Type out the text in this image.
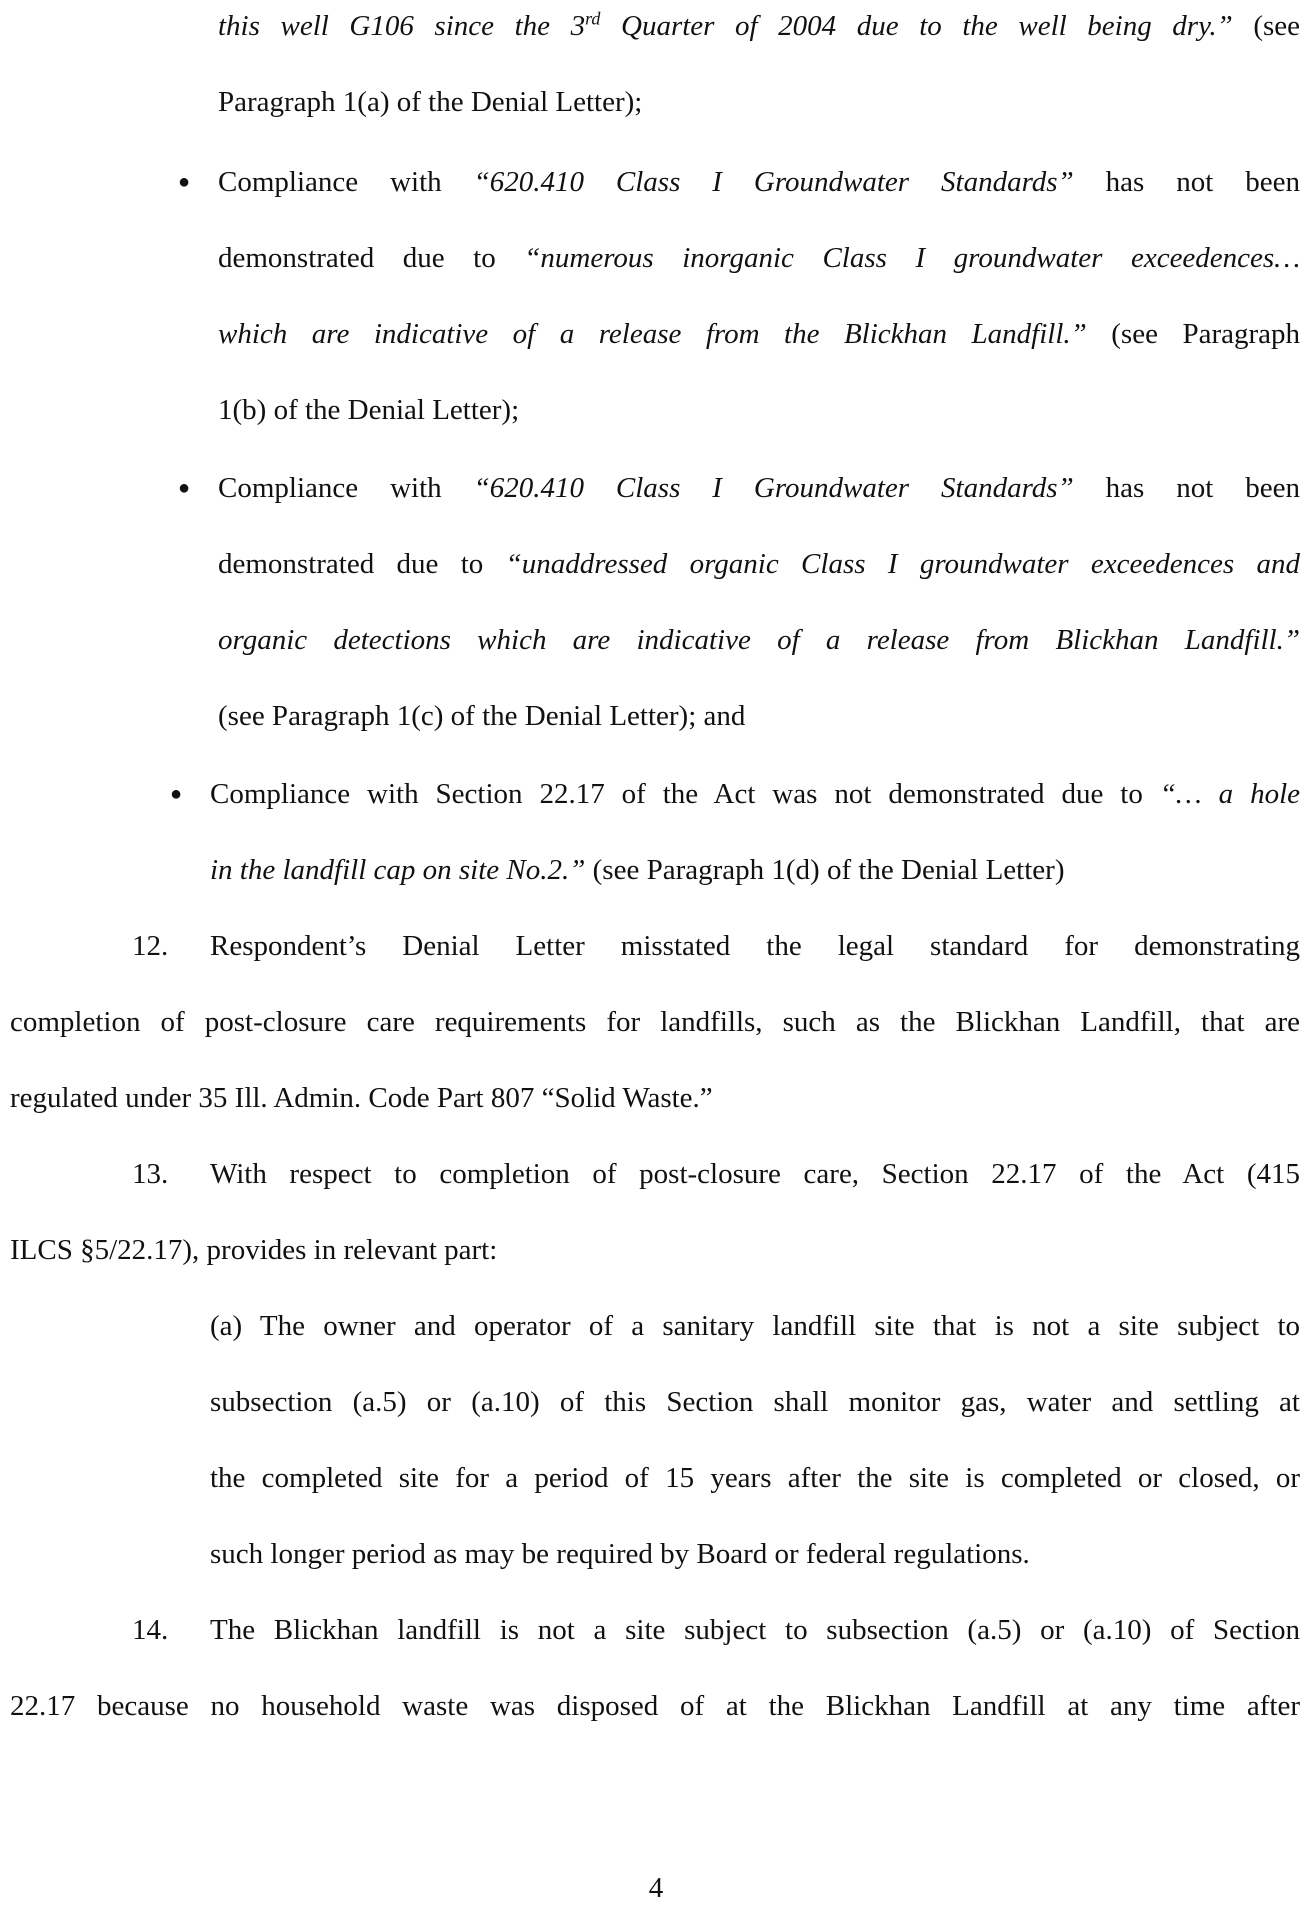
this well G106 since the 3rd Quarter of 2004 due to the well being dry.” (see
Paragraph 1(a) of the Denial Letter);
● Compliance with “620.410 Class I Groundwater Standards” has not been
demonstrated due to “numerous inorganic Class I groundwater exceedences…
which are indicative of a release from the Blickhan Landfill.” (see Paragraph
1(b) of the Denial Letter);
● Compliance with “620.410 Class I Groundwater Standards” has not been
demonstrated due to “unaddressed organic Class I groundwater exceedences and
organic detections which are indicative of a release from Blickhan Landfill.”
(see Paragraph 1(c) of the Denial Letter); and
● Compliance with Section 22.17 of the Act was not demonstrated due to “… a hole
in the landfill cap on site No.2.” (see Paragraph 1(d) of the Denial Letter)
12. Respondent’s Denial Letter misstated the legal standard for demonstrating
completion of post-closure care requirements for landfills, such as the Blickhan Landfill, that are
regulated under 35 Ill. Admin. Code Part 807 “Solid Waste.”
13. With respect to completion of post-closure care, Section 22.17 of the Act (415
ILCS §5/22.17), provides in relevant part:
(a) The owner and operator of a sanitary landfill site that is not a site subject to
subsection (a.5) or (a.10) of this Section shall monitor gas, water and settling at
the completed site for a period of 15 years after the site is completed or closed, or
such longer period as may be required by Board or federal regulations.
14. The Blickhan landfill is not a site subject to subsection (a.5) or (a.10) of Section
22.17 because no household waste was disposed of at the Blickhan Landfill at any time after
4
